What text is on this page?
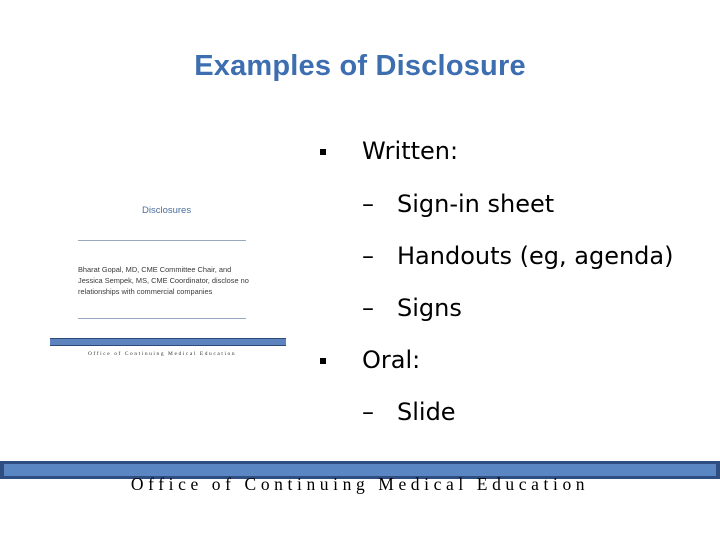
Examples of Disclosure
Disclosures
Bharat Gopal, MD, CME Committee Chair, and Jessica Sempek, MS, CME Coordinator, disclose no relationships with commercial companies
Office of Continuing Medical Education
Written:
– Sign-in sheet
– Handouts (eg, agenda)
– Signs
Oral:
– Slide
Office of Continuing Medical Education
